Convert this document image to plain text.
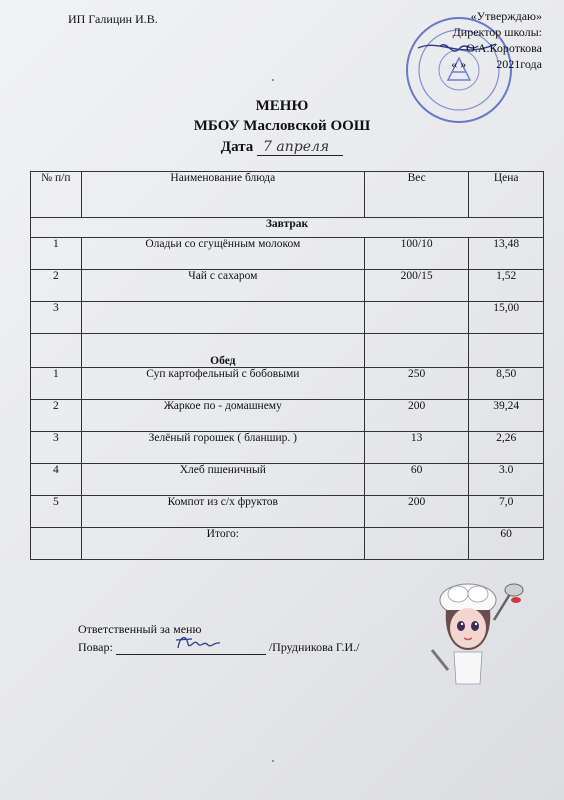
ИП Галицин И.В.	«Утверждаю»
Директор школы:
О.А.Короткова
« »          2021года
МЕНЮ
МБОУ Масловской ООШ
Дата 7 апреля
№ п/п	Наименование блюда	Вес	Цена
Завтрак			
1	Оладьи со сгущённым молоком	100/10	13,48
2	Чай с сахаром	200/15	1,52
3			15,00
	Обед		
1	Суп картофельный с бобовыми	250	8,50
2	Жаркое по - домашнему	200	39,24
3	Зелёный горошек ( бланшир. )	13	2,26
4	Хлеб пшеничный	60	3.0
5	Компот из с/х фруктов	200	7,0
	Итого:		60
Ответственный за меню
Повар:	/Прудникова Г.И./
